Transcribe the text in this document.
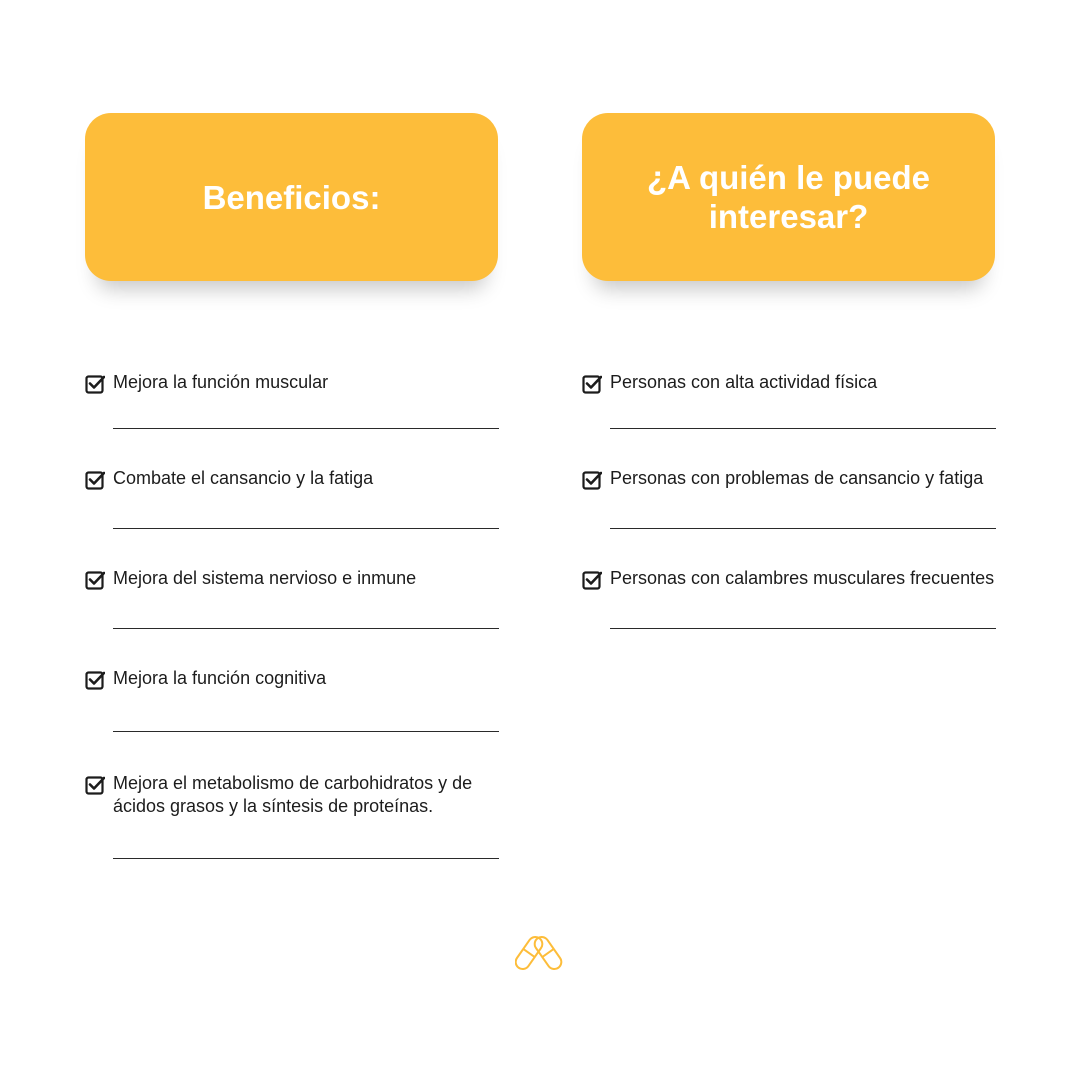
Beneficios:
¿A quién le puede interesar?
Mejora la función muscular
Combate el cansancio y la fatiga
Mejora del sistema nervioso e inmune
Mejora la función cognitiva
Mejora el metabolismo de carbohidratos y de ácidos grasos y la síntesis de proteínas.
Personas con alta actividad física
Personas con problemas de cansancio y fatiga
Personas con calambres musculares frecuentes
